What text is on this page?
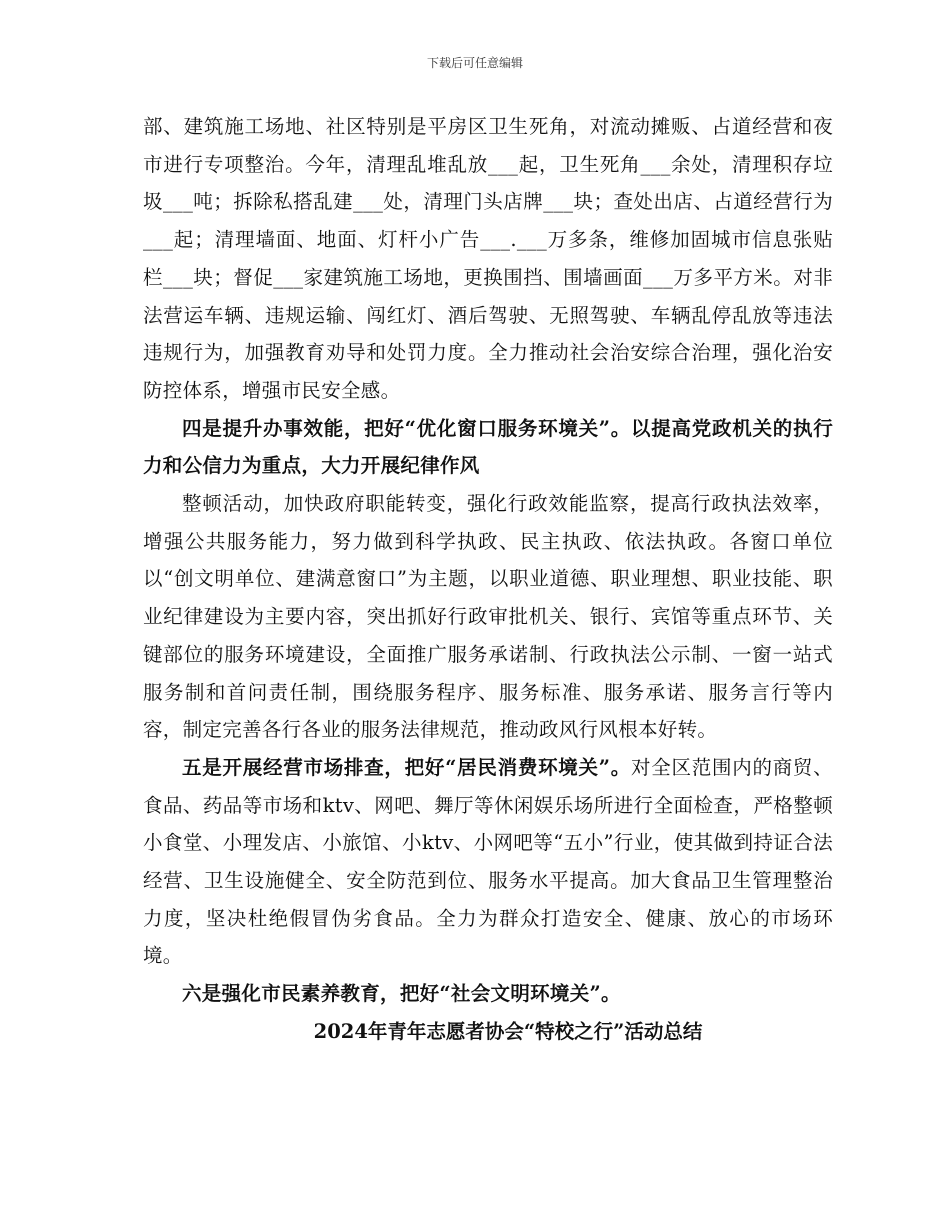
下载后可任意编辑

部、建筑施工场地、社区特别是平房区卫生死角，对流动摊贩、占道经营和夜市进行专项整治。今年，清理乱堆乱放___起，卫生死角___余处，清理积存垃圾___吨；拆除私搭乱建___处，清理门头店牌___块；查处出店、占道经营行为___起；清理墙面、地面、灯杆小广告___.___万多条，维修加固城市信息张贴栏___块；督促___家建筑施工场地，更换围挡、围墙画面___万多平方米。对非法营运车辆、违规运输、闯红灯、酒后驾驶、无照驾驶、车辆乱停乱放等违法违规行为，加强教育劝导和处罚力度。全力推动社会治安综合治理，强化治安防控体系，增强市民安全感。

四是提升办事效能，把好“优化窗口服务环境关”。以提高党政机关的执行力和公信力为重点，大力开展纪律作风

整顿活动，加快政府职能转变，强化行政效能监察，提高行政执法效率，增强公共服务能力，努力做到科学执政、民主执政、依法执政。各窗口单位以“创文明单位、建满意窗口”为主题，以职业道德、职业理想、职业技能、职业纪律建设为主要内容，突出抓好行政审批机关、银行、宾馆等重点环节、关键部位的服务环境建设，全面推广服务承诺制、行政执法公示制、一窗一站式服务制和首问责任制，围绕服务程序、服务标准、服务承诺、服务言行等内容，制定完善各行各业的服务法律规范，推动政风行风根本好转。

五是开展经营市场排查，把好“居民消费环境关”。对全区范围内的商贸、食品、药品等市场和ktv、网吧、舞厅等休闲娱乐场所进行全面检查，严格整顿小食堂、小理发店、小旅馆、小ktv、小网吧等“五小”行业，使其做到持证合法经营、卫生设施健全、安全防范到位、服务水平提高。加大食品卫生管理整治力度，坚决杜绝假冒伪劣食品。全力为群众打造安全、健康、放心的市场环境。

六是强化市民素养教育，把好“社会文明环境关”。

2024年青年志愿者协会“特校之行”活动总结
